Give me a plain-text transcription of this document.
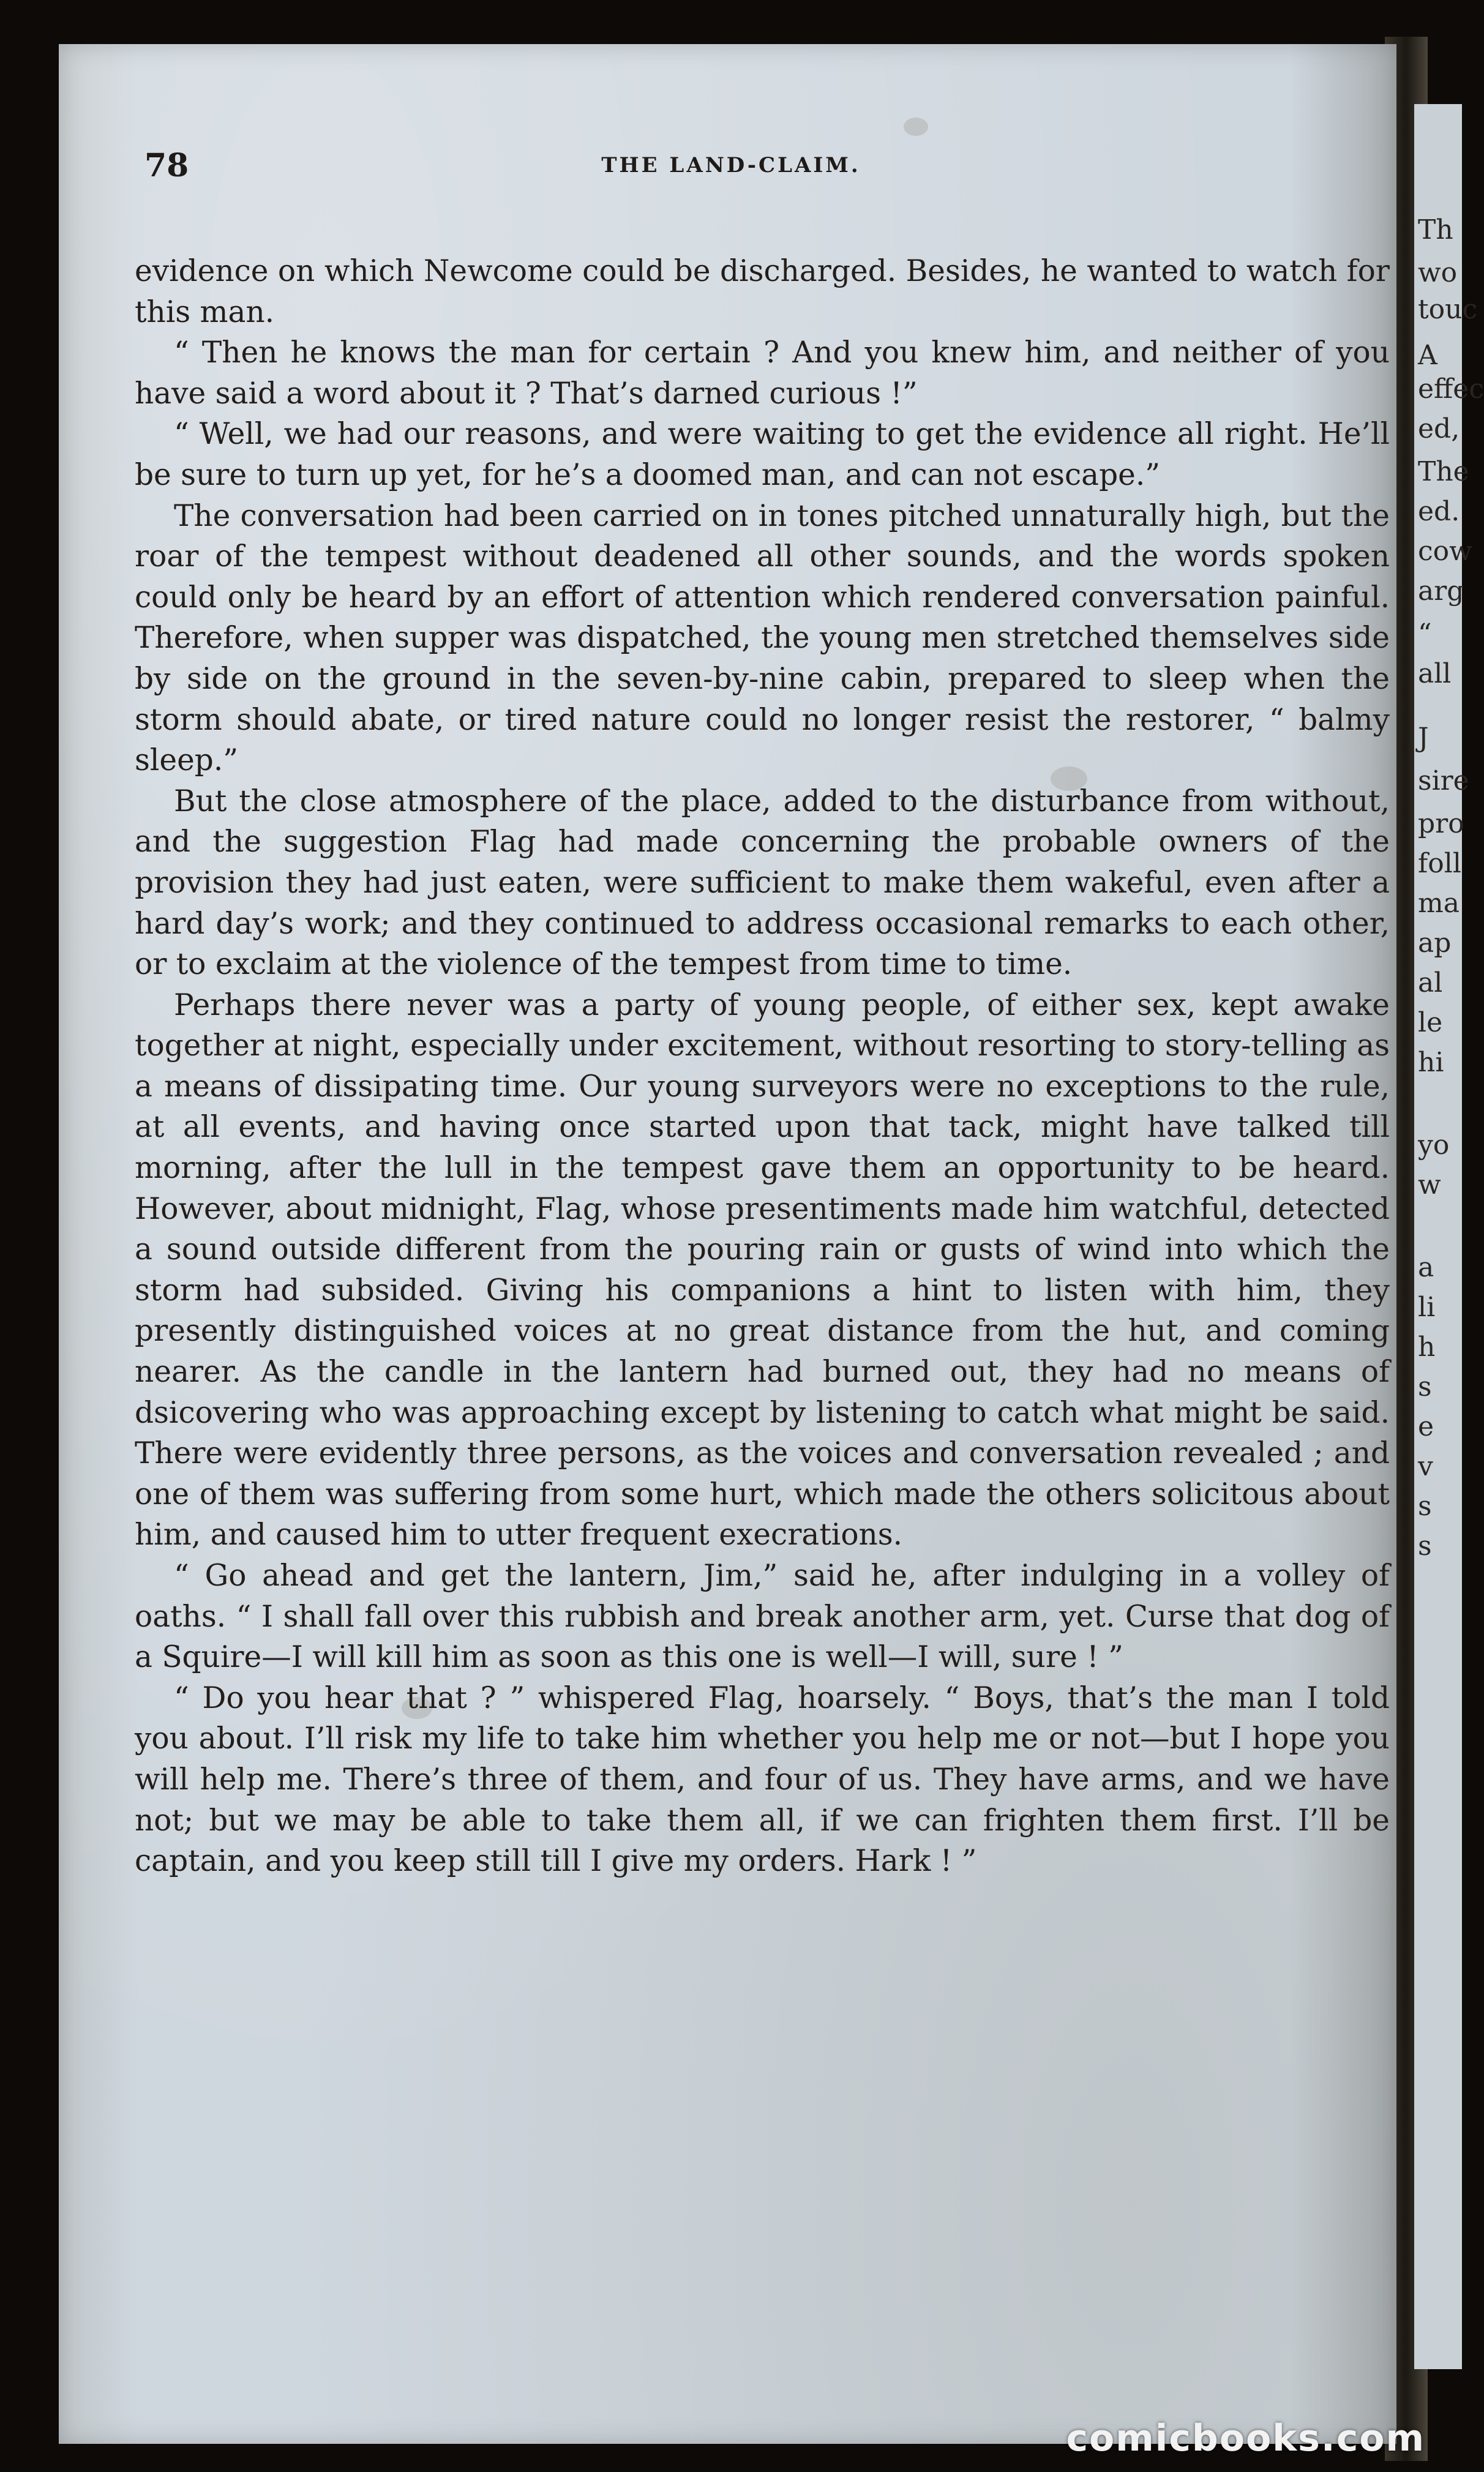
Th
wo
touc
A
effec
ed,
The
ed.
cow
arg
“
all
J
sire
pro
foll
ma
ap
al
le
hi
yo
w
a
li
h
s
e
v
s
s
78	THE LAND-CLAIM.

evidence on which Newcome could be discharged. Besides, he wanted to watch for this man.

“ Then he knows the man for certain ? And you knew him, and neither of you have said a word about it ? That’s darned curious !”

“ Well, we had our reasons, and were waiting to get the evidence all right. He’ll be sure to turn up yet, for he’s a doomed man, and can not escape.”

The conversation had been carried on in tones pitched unnaturally high, but the roar of the tempest without deadened all other sounds, and the words spoken could only be heard by an effort of attention which rendered conversation painful. Therefore, when supper was dispatched, the young men stretched themselves side by side on the ground in the seven-by-nine cabin, prepared to sleep when the storm should abate, or tired nature could no longer resist the restorer, “ balmy sleep.”

But the close atmosphere of the place, added to the disturbance from without, and the suggestion Flag had made concerning the probable owners of the provision they had just eaten, were sufficient to make them wakeful, even after a hard day’s work; and they continued to address occasional remarks to each other, or to exclaim at the violence of the tempest from time to time.

Perhaps there never was a party of young people, of either sex, kept awake together at night, especially under excitement, without resorting to story-telling as a means of dissipating time. Our young surveyors were no exceptions to the rule, at all events, and having once started upon that tack, might have talked till morning, after the lull in the tempest gave them an opportunity to be heard. However, about midnight, Flag, whose presentiments made him watchful, detected a sound outside different from the pouring rain or gusts of wind into which the storm had subsided. Giving his companions a hint to listen with him, they presently distinguished voices at no great distance from the hut, and coming nearer. As the candle in the lantern had burned out, they had no means of dsicovering who was approaching except by listening to catch what might be said. There were evidently three persons, as the voices and conversation revealed ; and one of them was suffering from some hurt, which made the others solicitous about him, and caused him to utter frequent execrations.

“ Go ahead and get the lantern, Jim,” said he, after indulging in a volley of oaths. “ I shall fall over this rubbish and break another arm, yet. Curse that dog of a Squire—I will kill him as soon as this one is well—I will, sure ! ”

“ Do you hear that ? ” whispered Flag, hoarsely. “ Boys, that’s the man I told you about. I’ll risk my life to take him whether you help me or not—but I hope you will help me. There’s three of them, and four of us. They have arms, and we have not; but we may be able to take them all, if we can frighten them first. I’ll be captain, and you keep still till I give my orders. Hark ! ”

comicbooks.com
